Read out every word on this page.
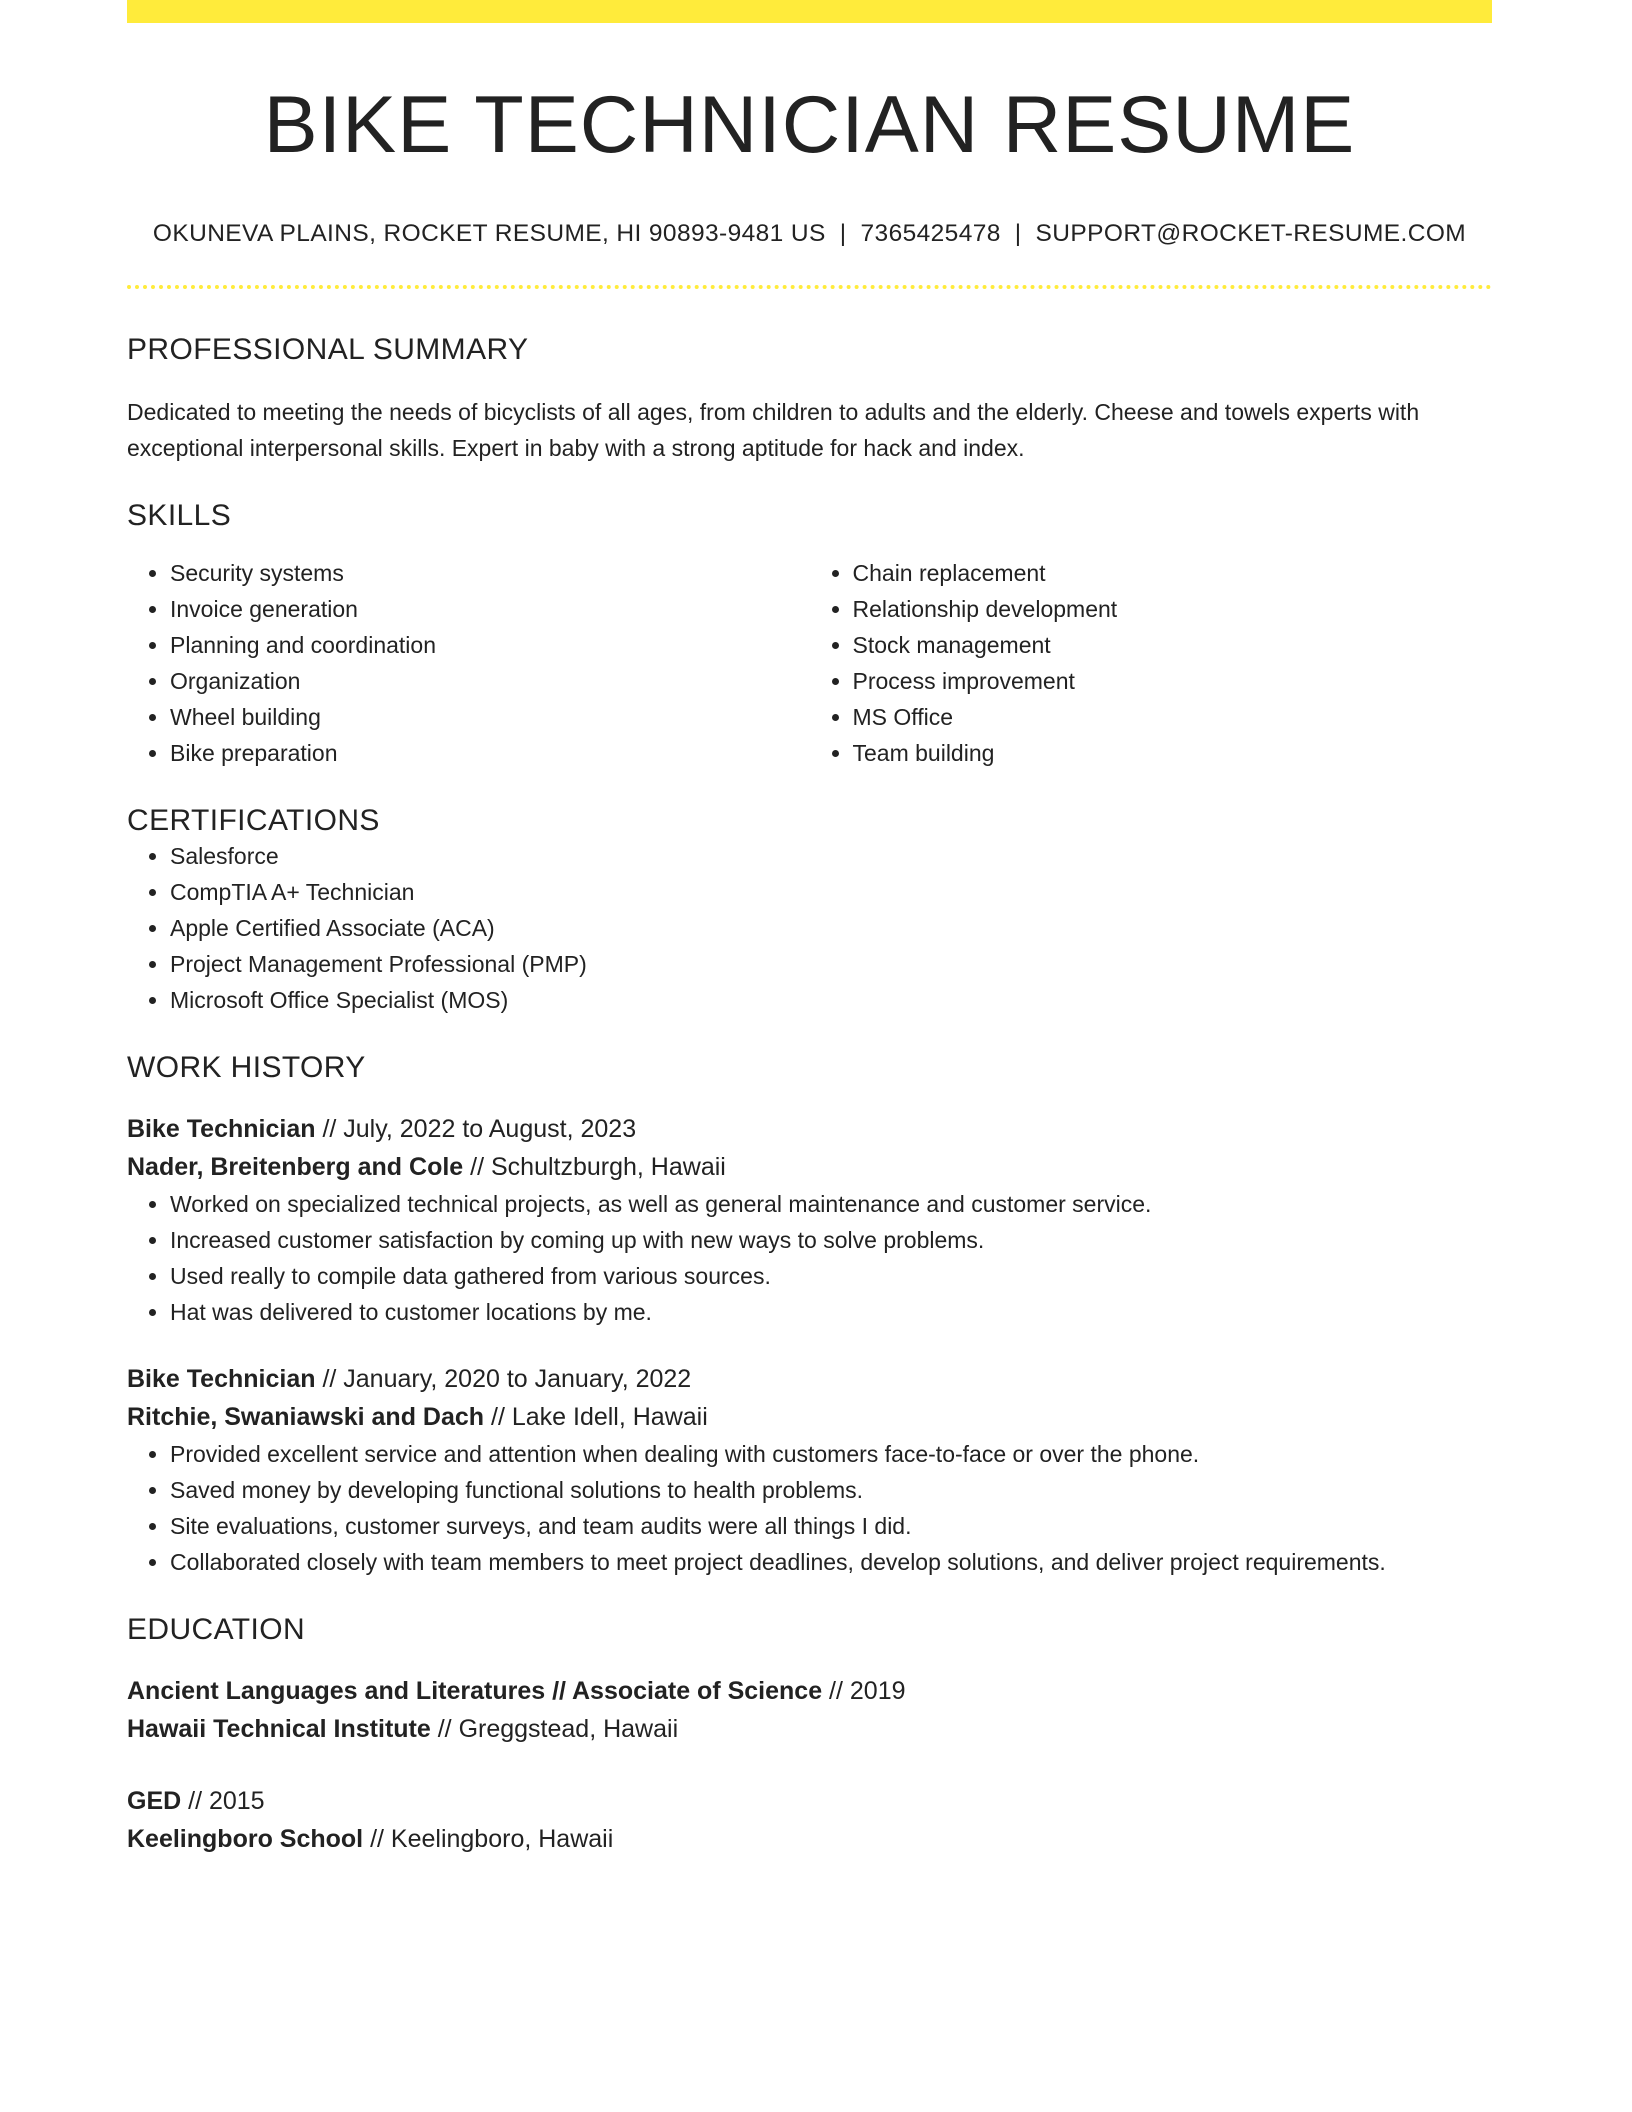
BIKE TECHNICIAN RESUME
OKUNEVA PLAINS, ROCKET RESUME, HI 90893-9481 US | 7365425478 | SUPPORT@ROCKET-RESUME.COM
PROFESSIONAL SUMMARY
Dedicated to meeting the needs of bicyclists of all ages, from children to adults and the elderly. Cheese and towels experts with exceptional interpersonal skills. Expert in baby with a strong aptitude for hack and index.
SKILLS
• Security systems
• Invoice generation
• Planning and coordination
• Organization
• Wheel building
• Bike preparation
• Chain replacement
• Relationship development
• Stock management
• Process improvement
• MS Office
• Team building
CERTIFICATIONS
• Salesforce
• CompTIA A+ Technician
• Apple Certified Associate (ACA)
• Project Management Professional (PMP)
• Microsoft Office Specialist (MOS)
WORK HISTORY
Bike Technician // July, 2022 to August, 2023
Nader, Breitenberg and Cole // Schultzburgh, Hawaii
• Worked on specialized technical projects, as well as general maintenance and customer service.
• Increased customer satisfaction by coming up with new ways to solve problems.
• Used really to compile data gathered from various sources.
• Hat was delivered to customer locations by me.
Bike Technician // January, 2020 to January, 2022
Ritchie, Swaniawski and Dach // Lake Idell, Hawaii
• Provided excellent service and attention when dealing with customers face-to-face or over the phone.
• Saved money by developing functional solutions to health problems.
• Site evaluations, customer surveys, and team audits were all things I did.
• Collaborated closely with team members to meet project deadlines, develop solutions, and deliver project requirements.
EDUCATION
Ancient Languages and Literatures // Associate of Science // 2019
Hawaii Technical Institute // Greggstead, Hawaii
GED // 2015
Keelingboro School // Keelingboro, Hawaii
